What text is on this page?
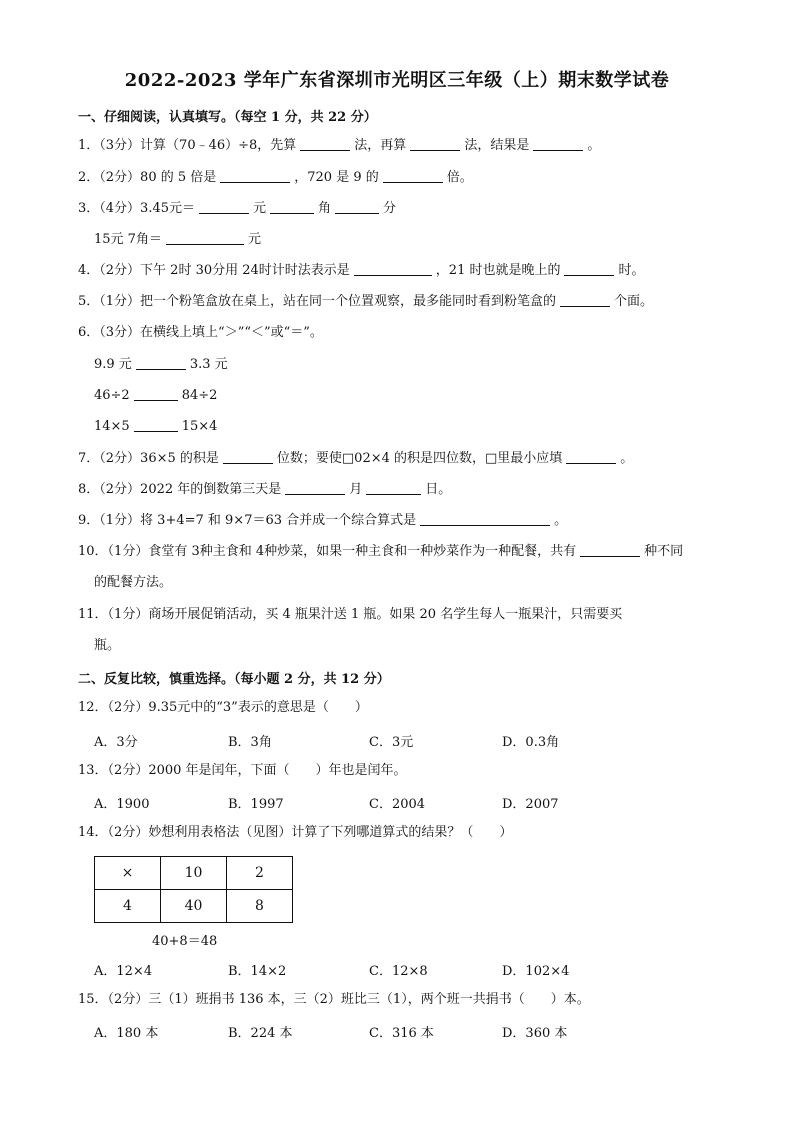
2022-2023 学年广东省深圳市光明区三年级（上）期末数学试卷
一、仔细阅读，认真填写。（每空 1 分，共 22 分）
1．（3分）计算（70﹣46）÷8，先算	法，再算	法，结果是	。
2．（2分）80 的 5 倍是	，720 是 9 的	倍。
3．（4分）3.45元＝	元	角	分
15元 7角＝	元
4．（2分）下午 2时 30分用 24时计时法表示是	，21 时也就是晚上的	时。
5．（1分）把一个粉笔盒放在桌上，站在同一个位置观察，最多能同时看到粉笔盒的	个面。
6．（3分）在横线上填上“＞”“＜”或“＝”。
9.9 元	3.3 元
46÷2	84÷2
14×5	15×4
7．（2分）36×5 的积是	位数；要使□02×4 的积是四位数，□里最小应填	。
8．（2分）2022 年的倒数第三天是	月	日。
9．（1分）将 3+4=7 和 9×7＝63 合并成一个综合算式是	。
10．（1分）食堂有 3种主食和 4种炒菜，如果一种主食和一种炒菜作为一种配餐，共有	种不同
的配餐方法。
11．（1分）商场开展促销活动，买 4 瓶果汁送 1 瓶。如果 20 名学生每人一瓶果汁，只需要买
瓶。
二、反复比较，慎重选择。（每小题 2 分，共 12 分）
12．（2分）9.35元中的“3”表示的意思是（　　）
A．3分	B．3角	C．3元	D．0.3角
13．（2分）2000 年是闰年，下面（　　）年也是闰年。
A．1900	B．1997	C．2004	D．2007
14．（2分）妙想利用表格法（见图）计算了下列哪道算式的结果？（　　）
×	10	2
4	40	8
40+8＝48
A．12×4	B．14×2	C．12×8	D．102×4
15．（2分）三（1）班捐书 136 本，三（2）班比三（1），两个班一共捐书（　　）本。
A．180 本	B．224 本	C．316 本	D．360 本
